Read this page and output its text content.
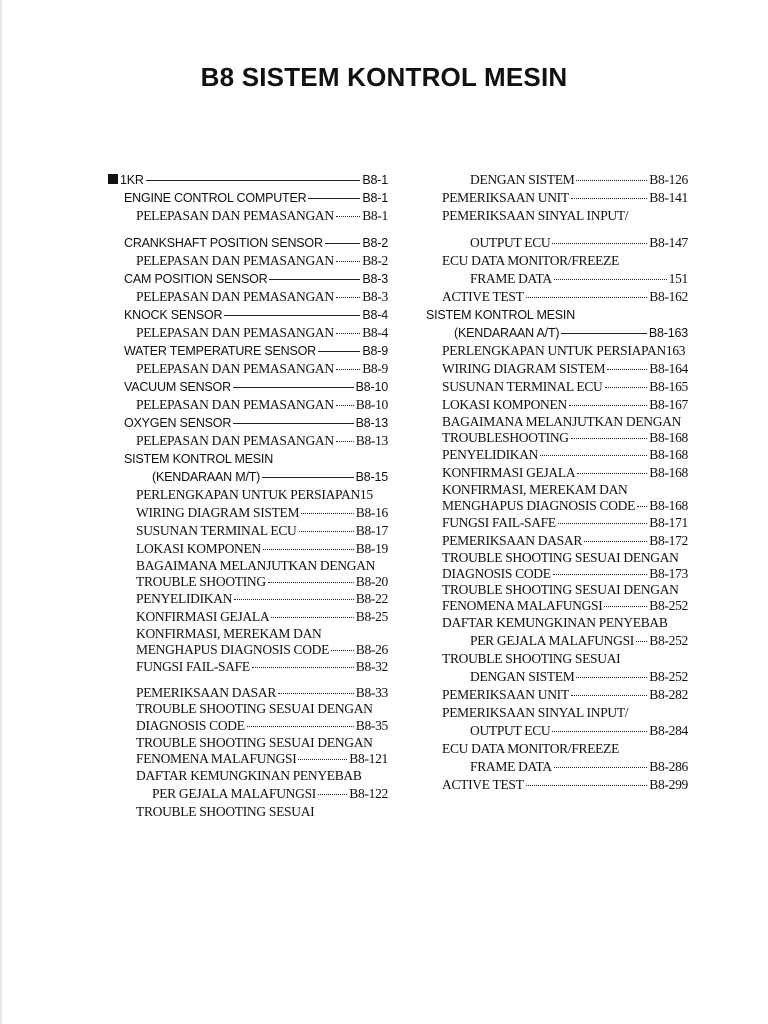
B8 SISTEM KONTROL MESIN
1KR	B8-1
ENGINE CONTROL COMPUTER	B8-1
PELEPASAN DAN PEMASANGAN B8-1
CRANKSHAFT POSITION SENSOR	B8-2
PELEPASAN DAN PEMASANGAN B8-2
CAM POSITION SENSOR	B8-3
PELEPASAN DAN PEMASANGAN B8-3
KNOCK SENSOR	B8-4
PELEPASAN DAN PEMASANGAN B8-4
WATER TEMPERATURE SENSOR	B8-9
PELEPASAN DAN PEMASANGAN B8-9
VACUUM SENSOR	B8-10
PELEPASAN DAN PEMASANGAN B8-10
OXYGEN SENSOR	B8-13
PELEPASAN DAN PEMASANGAN B8-13
SISTEM KONTROL MESIN
(KENDARAAN M/T)	B8-15
PERLENGKAPAN UNTUK PERSIAPAN 15
WIRING DIAGRAM SISTEM	B8-16
SUSUNAN TERMINAL ECU	B8-17
LOKASI KOMPONEN	B8-19
BAGAIMANA MELANJUTKAN DENGAN
TROUBLE SHOOTING	B8-20
PENYELIDIKAN	B8-22
KONFIRMASI GEJALA	B8-25
KONFIRMASI, MEREKAM DAN
MENGHAPUS DIAGNOSIS CODE B8-26
FUNGSI FAIL-SAFE	B8-32
PEMERIKSAAN DASAR	B8-33
TROUBLE SHOOTING SESUAI DENGAN
DIAGNOSIS CODE	B8-35
TROUBLE SHOOTING SESUAI DENGAN
FENOMENA MALAFUNGSI	B8-121
DAFTAR KEMUNGKINAN PENYEBAB
PER GEJALA MALAFUNGSI B8-122
TROUBLE SHOOTING SESUAI
DENGAN SISTEM	B8-126
PEMERIKSAAN UNIT	B8-141
PEMERIKSAAN SINYAL INPUT/
OUTPUT ECU	B8-147
ECU DATA MONITOR/FREEZE
FRAME DATA	151
ACTIVE TEST	B8-162
SISTEM KONTROL MESIN
(KENDARAAN A/T)	B8-163
PERLENGKAPAN UNTUK PERSIAPAN 163
WIRING DIAGRAM SISTEM	B8-164
SUSUNAN TERMINAL ECU	B8-165
LOKASI KOMPONEN	B8-167
BAGAIMANA MELANJUTKAN DENGAN
TROUBLESHOOTING	B8-168
PENYELIDIKAN	B8-168
KONFIRMASI GEJALA	B8-168
KONFIRMASI, MEREKAM DAN
MENGHAPUS DIAGNOSIS CODE B8-168
FUNGSI FAIL-SAFE	B8-171
PEMERIKSAAN DASAR	B8-172
TROUBLE SHOOTING SESUAI DENGAN
DIAGNOSIS CODE	B8-173
TROUBLE SHOOTING SESUAI DENGAN
FENOMENA MALAFUNGSI	B8-252
DAFTAR KEMUNGKINAN PENYEBAB
PER GEJALA MALAFUNGSI B8-252
TROUBLE SHOOTING SESUAI
DENGAN SISTEM	B8-252
PEMERIKSAAN UNIT	B8-282
PEMERIKSAAN SINYAL INPUT/
OUTPUT ECU	B8-284
ECU DATA MONITOR/FREEZE
FRAME DATA	B8-286
ACTIVE TEST	B8-299
